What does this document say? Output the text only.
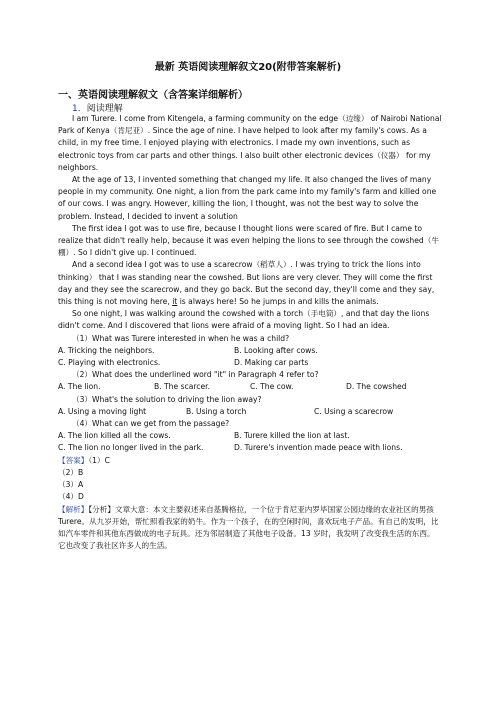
最新 英语阅读理解叙文20(附带答案解析)
一、英语阅读理解叙文（含答案详细解析）
1．阅读理解

I am Turere. I come from Kitengela, a farming community on the edge（边缘） of Nairobi National Park of Kenya（肯尼亚）. Since the age of nine. I have helped to look after my family's cows. As a child, in my free time. I enjoyed playing with electronics. I made my own inventions, such as electronic toys from car parts and other things. I also built other electronic devices（仪器） for my neighbors.

At the age of 13, I invented something that changed my life. It also changed the lives of many people in my community. One night, a lion from the park came into my family's farm and killed one of our cows. I was angry. However, killing the lion, I thought, was not the best way to solve the problem. Instead, I decided to invent a solution

The first idea I got was to use fire, because I thought lions were scared of fire. But I came to realize that didn't really help, because it was even helping the lions to see through the cowshed（牛棚）. So I didn't give up. I continued.

And a second idea I got was to use a scarecrow（稻草人）. I was trying to trick the lions into thinking） that I was standing near the cowshed. But lions are very clever. They will come the first day and they see the scarecrow, and they go back. But the second day, they'll come and they say, this thing is not moving here, it is always here! So he jumps in and kills the animals.

So one night, I was walking around the cowshed with a torch（手电筒）, and that day the lions didn't come. And I discovered that lions were afraid of a moving light. So I had an idea.

（1）What was Turere interested in when he was a child?

A. Tricking the neighbors.	B. Looking after cows.
C. Playing with electronics.	D. Making car parts

（2）What does the underlined word "it" in Paragraph 4 refer to?

A. The lion.	B. The scarcer.	C. The cow.	D. The cowshed

（3）What's the solution to driving the lion away?

A. Using a moving light	B. Using a torch	C. Using a scarecrow

（4）What can we get from the passage?

A. The lion killed all the cows.	B. Turere killed the lion at last.
C. The lion no longer lived in the park.	D. Turere's invention made peace with lions.

【答案】（1）C

（2）B

（3）A

（4）D

【解析】【分析】文章大意：本文主要叙述来自基腾格拉，一个位于肯尼亚内罗毕国家公园边缘的农业社区的男孩 Turere。从九岁开始，帮忙照看我家的奶牛。作为一个孩子，在的空闲时间，喜欢玩电子产品。有自己的发明，比如汽车零件和其他东西做成的电子玩具。还为邻居制造了其他电子设备。13 岁时，我发明了改变我生活的东西。它也改变了我社区许多人的生活。
